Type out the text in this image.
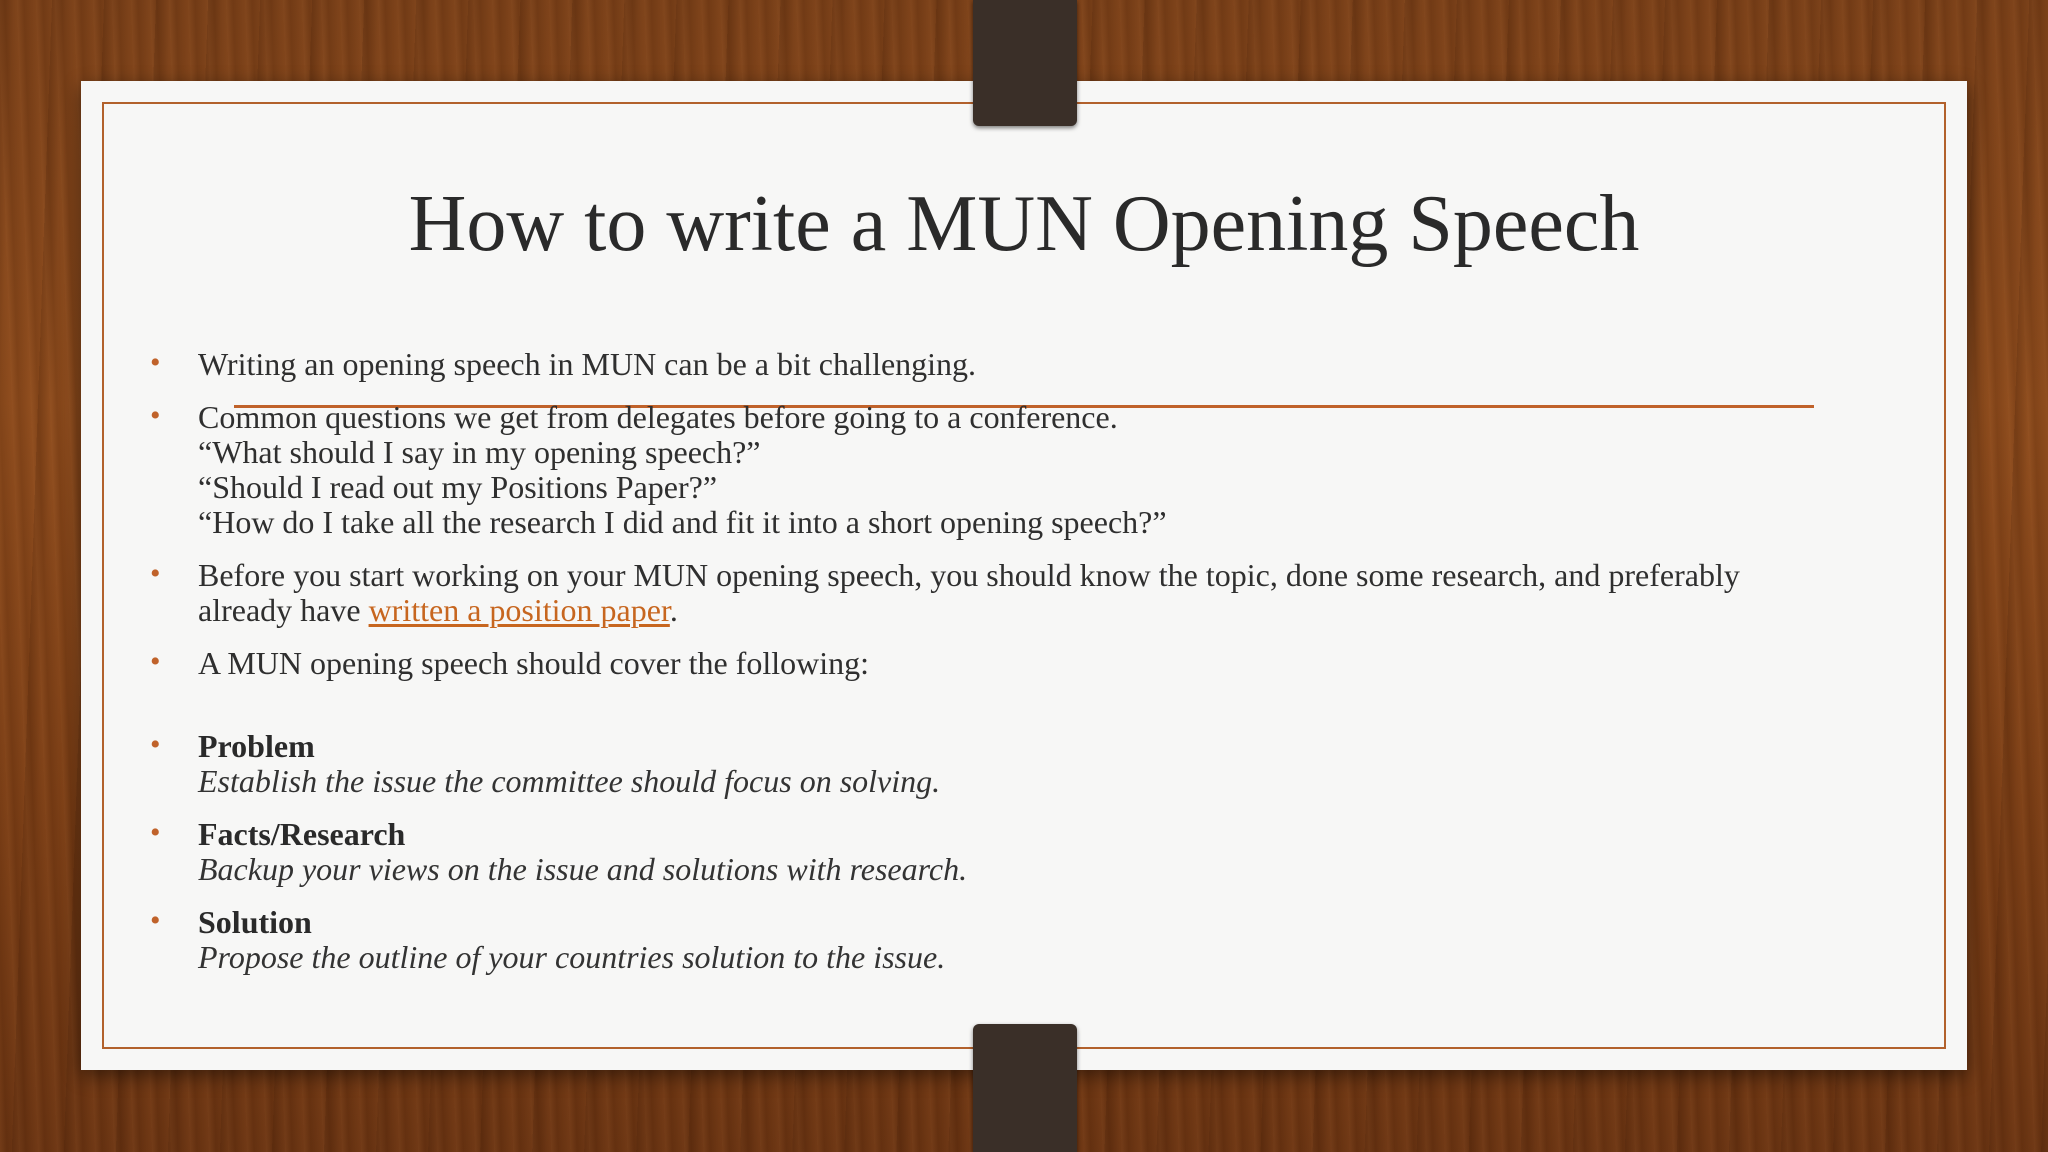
How to write a MUN Opening Speech
• Writing an opening speech in MUN can be a bit challenging.
• Common questions we get from delegates before going to a conference.
“What should I say in my opening speech?”
“Should I read out my Positions Paper?”
“How do I take all the research I did and fit it into a short opening speech?”
• Before you start working on your MUN opening speech, you should know the topic, done some research, and preferably
already have written a position paper.
• A MUN opening speech should cover the following:
• Problem
Establish the issue the committee should focus on solving.
• Facts/Research
Backup your views on the issue and solutions with research.
• Solution
Propose the outline of your countries solution to the issue.
